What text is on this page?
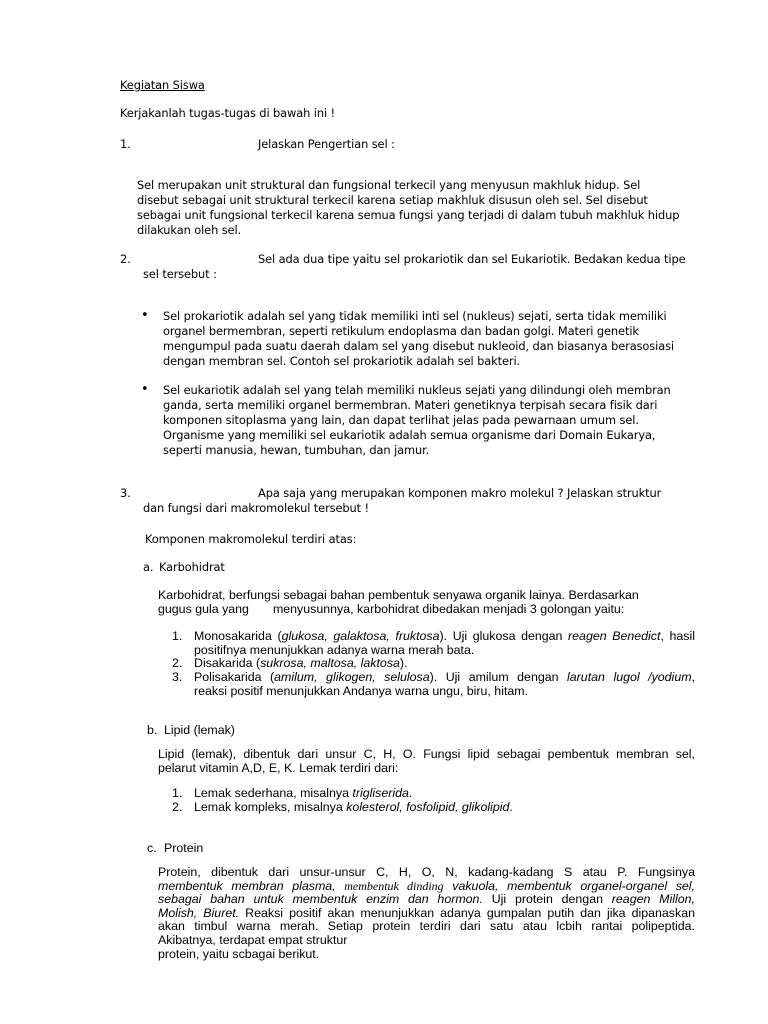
Kegiatan Siswa
Kerjakanlah tugas-tugas di bawah ini !
1.	Jelaskan Pengertian sel :
Sel merupakan unit struktural dan fungsional terkecil yang menyusun makhluk hidup. Sel
disebut sebagai unit struktural terkecil karena setiap makhluk disusun oleh sel. Sel disebut
sebagai unit fungsional terkecil karena semua fungsi yang terjadi di dalam tubuh makhluk hidup
dilakukan oleh sel.
2.	Sel ada dua tipe yaitu sel prokariotik dan sel Eukariotik. Bedakan kedua tipe
sel tersebut :
• Sel prokariotik adalah sel yang tidak memiliki inti sel (nukleus) sejati, serta tidak memiliki
organel bermembran, seperti retikulum endoplasma dan badan golgi. Materi genetik
mengumpul pada suatu daerah dalam sel yang disebut nukleoid, dan biasanya berasosiasi
dengan membran sel. Contoh sel prokariotik adalah sel bakteri.
• Sel eukariotik adalah sel yang telah memiliki nukleus sejati yang dilindungi oleh membran
ganda, serta memiliki organel bermembran. Materi genetiknya terpisah secara fisik dari
komponen sitoplasma yang lain, dan dapat terlihat jelas pada pewarnaan umum sel.
Organisme yang memiliki sel eukariotik adalah semua organisme dari Domain Eukarya,
seperti manusia, hewan, tumbuhan, dan jamur.
3.	Apa saja yang merupakan komponen makro molekul ? Jelaskan struktur
dan fungsi dari makromolekul tersebut !
Komponen makromolekul terdiri atas:
a. Karbohidrat
Karbohidrat, berfungsi sebagai bahan pembentuk senyawa organik lainya. Berdasarkan
gugus gula yang menyusunnya, karbohidrat dibedakan menjadi 3 golongan yaitu:
1. Monosakarida (glukosa, galaktosa, fruktosa). Uji glukosa dengan reagen Benedict, hasil
positifnya menunjukkan adanya warna merah bata.
2. Disakarida (sukrosa, maltosa, laktosa).
3. Polisakarida (amilum, glikogen, selulosa). Uji amilum dengan larutan lugol /yodium,
reaksi positif menunjukkan Andanya warna ungu, biru, hitam.
b. Lipid (lemak)
Lipid (lemak), dibentuk dari unsur C, H, O. Fungsi lipid sebagai pembentuk membran sel,
pelarut vitamin A,D, E, K. Lemak terdiri dari:
1. Lemak sederhana, misalnya trigliserida.
2. Lemak kompleks, misalnya kolesterol, fosfolipid, glikolipid.
c. Protein
Protein, dibentuk dari unsur-unsur C, H, O, N, kadang-kadang S atau P. Fungsinya
membentuk membran plasma, membentuk dinding vakuola, membentuk organel-organel sel,
sebagai bahan untuk membentuk enzim dan hormon. Uji protein dengan reagen Millon,
Molish, Biuret. Reaksi positif akan menunjukkan adanya gumpalan putih dan jika dipanaskan
akan timbul warna merah. Setiap protein terdiri dari satu atau lcbih rantai polipeptida.
Akibatnya, terdapat empat struktur
protein, yaitu scbagai berikut.
